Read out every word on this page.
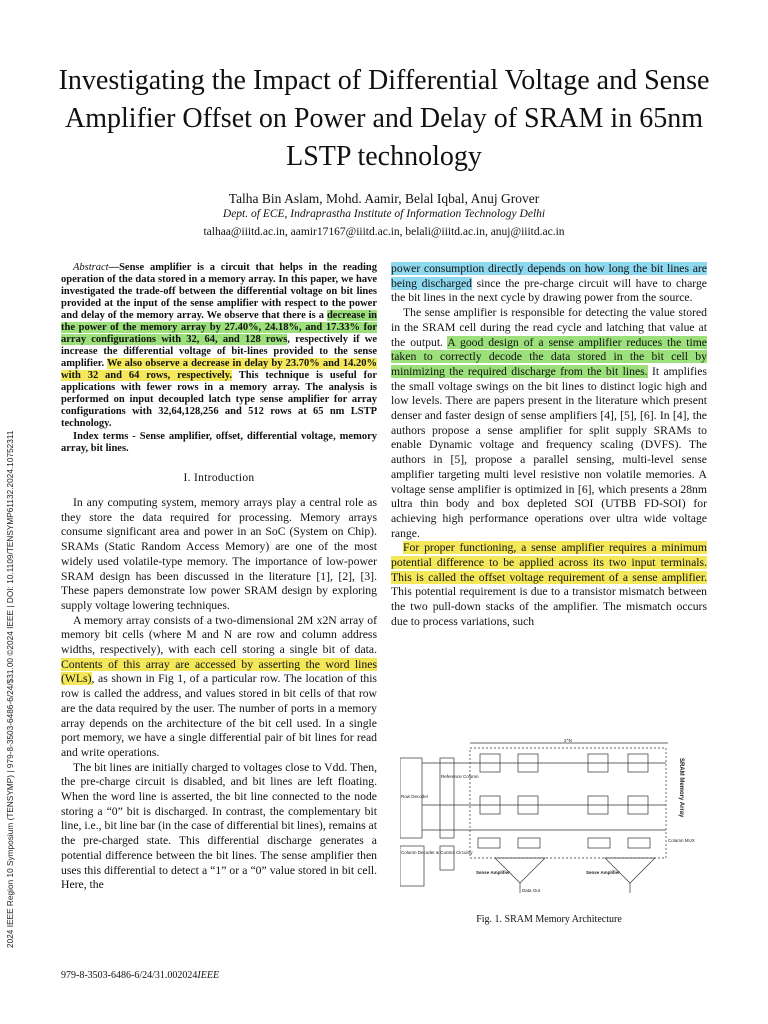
2024 IEEE Region 10 Symposium (TENSYMP) | 979-8-3503-6486-6/24/$31.00 ©2024 IEEE | DOI: 10.1109/TENSYMP61132.2024.10752311
Investigating the Impact of Differential Voltage and Sense Amplifier Offset on Power and Delay of SRAM in 65nm LSTP technology

Talha Bin Aslam, Mohd. Aamir, Belal Iqbal, Anuj Grover

Dept. of ECE, Indraprastha Institute of Information Technology Delhi

talhaa@iiitd.ac.in, aamir17167@iiitd.ac.in, belali@iiitd.ac.in, anuj@iiitd.ac.in

Abstract—Sense amplifier is a circuit that helps in the reading operation of the data stored in a memory array. In this paper, we have investigated the trade-off between the differential voltage on bit lines provided at the input of the sense amplifier with respect to the power and delay of the memory array. We observe that there is a decrease in the power of the memory array by 27.40%, 24.18%, and 17.33% for array configurations with 32, 64, and 128 rows, respectively if we increase the differential voltage of bit-lines provided to the sense amplifier. We also observe a decrease in delay by 23.70% and 14.20% with 32 and 64 rows, respectively. This technique is useful for applications with fewer rows in a memory array. The analysis is performed on input decoupled latch type sense amplifier for array configurations with 32,64,128,256 and 512 rows at 65 nm LSTP technology.

Index terms - Sense amplifier, offset, differential voltage, memory array, bit lines.

I. Introduction

In any computing system, memory arrays play a central role as they store the data required for processing. Memory arrays consume significant area and power in an SoC (System on Chip). SRAMs (Static Random Access Memory) are one of the most widely used volatile-type memory. The importance of low-power SRAM design has been discussed in the literature [1], [2], [3]. These papers demonstrate low power SRAM design by exploring supply voltage lowering techniques.

A memory array consists of a two-dimensional 2M x2N array of memory bit cells (where M and N are row and column address widths, respectively), with each cell storing a single bit of data. Contents of this array are accessed by asserting the word lines (WLs), as shown in Fig 1, of a particular row. The location of this row is called the address, and values stored in bit cells of that row are the data required by the user. The number of ports in a memory array depends on the architecture of the bit cell used. In a single port memory, we have a single differential pair of bit lines for read and write operations.

The bit lines are initially charged to voltages close to Vdd. Then, the pre-charge circuit is disabled, and bit lines are left floating. When the word line is asserted, the bit line connected to the node storing a “0” bit is discharged. In contrast, the complementary bit line, i.e., bit line bar (in the case of differential bit lines), remains at the pre-charged state. This differential discharge generates a potential difference between the bit lines. The sense amplifier then uses this differential to detect a “1” or a “0” value stored in bit cell. Here, the

power consumption directly depends on how long the bit lines are being discharged since the pre-charge circuit will have to charge the bit lines in the next cycle by drawing power from the source.

The sense amplifier is responsible for detecting the value stored in the SRAM cell during the read cycle and latching that value at the output. A good design of a sense amplifier reduces the time taken to correctly decode the data stored in the bit cell by minimizing the required discharge from the bit lines. It amplifies the small voltage swings on the bit lines to distinct logic high and low levels. There are papers present in the literature which present denser and faster design of sense amplifiers [4], [5], [6]. In [4], the authors propose a sense amplifier for split supply SRAMs to enable Dynamic voltage and frequency scaling (DVFS). The authors in [5], propose a parallel sensing, multi-level sense amplifier targeting multi level resistive non volatile memories. A voltage sense amplifier is optimized in [6], which presents a 28nm ultra thin body and box depleted SOI (UTBB FD-SOI) for achieving high performance operations over ultra wide voltage range.

For proper functioning, a sense amplifier requires a minimum potential difference to be applied across its two input terminals. This is called the offset voltage requirement of a sense amplifier. This potential requirement is due to a transistor mismatch between the two pull-down stacks of the amplifier. The mismatch occurs due to process variations, such

2^N
Row Decoder
Reference Column
Column Decoder & Control Circuitry
Column MUX
Sense Amplifier	Sense Amplifier
Data Out
SRAM Memory Array

Fig. 1. SRAM Memory Architecture

979-8-3503-6486-6/24/31.002024IEEE
